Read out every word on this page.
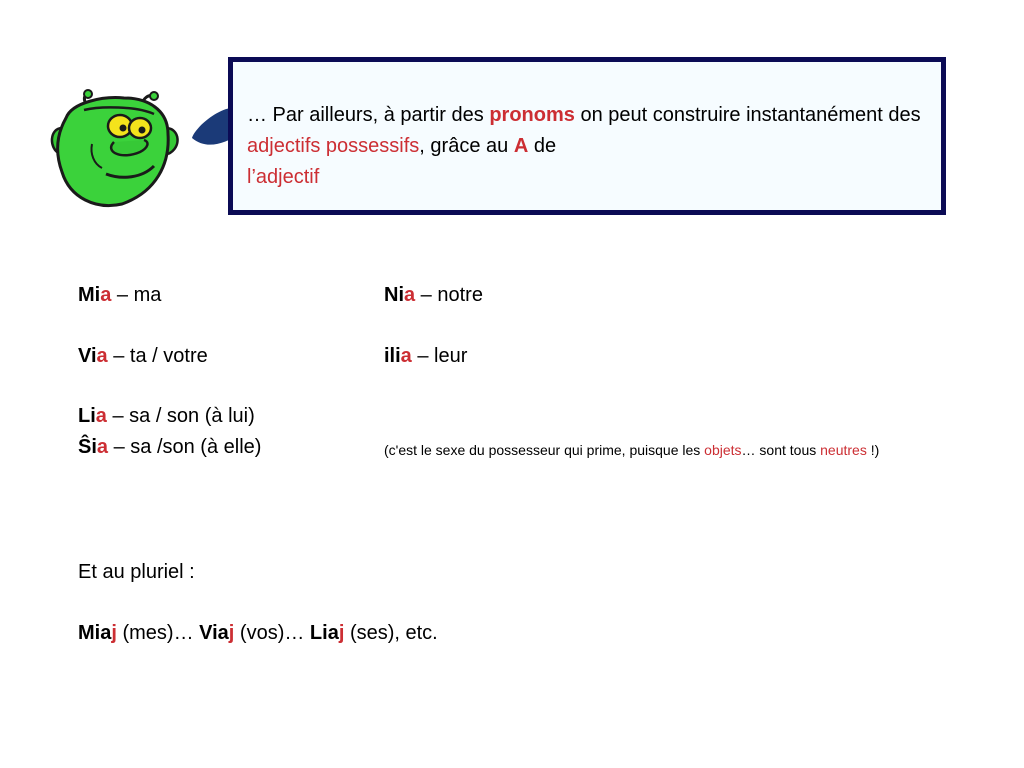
… Par ailleurs, à partir des pronoms on peut construire instantanément des adjectifs possessifs, grâce au A de
l’adjectif
Mia – ma
Via – ta / votre
Lia – sa / son (à lui)
Ŝia – sa /son (à elle)
Nia – notre
ilia – leur
(c'est le sexe du possesseur qui prime, puisque les objets… sont tous neutres !)
Et au pluriel :
Miaj (mes)… Viaj (vos)… Liaj (ses), etc.
